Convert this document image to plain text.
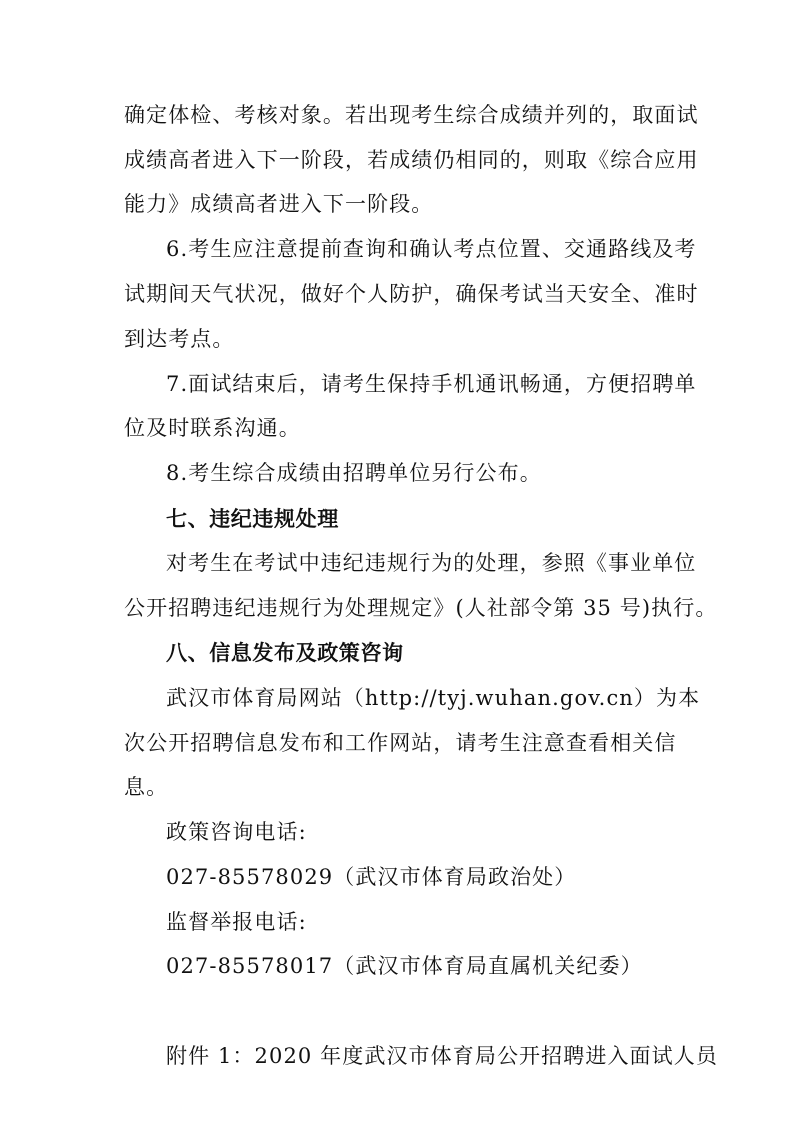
确定体检、考核对象。若出现考生综合成绩并列的，取面试

成绩高者进入下一阶段，若成绩仍相同的，则取《综合应用

能力》成绩高者进入下一阶段。

6.考生应注意提前查询和确认考点位置、交通路线及考

试期间天气状况，做好个人防护，确保考试当天安全、准时

到达考点。

7.面试结束后，请考生保持手机通讯畅通，方便招聘单

位及时联系沟通。

8.考生综合成绩由招聘单位另行公布。

七、违纪违规处理

对考生在考试中违纪违规行为的处理，参照《事业单位

公开招聘违纪违规行为处理规定》(人社部令第 35 号)执行。

八、信息发布及政策咨询

武汉市体育局网站（http://tyj.wuhan.gov.cn）为本

次公开招聘信息发布和工作网站，请考生注意查看相关信

息。

政策咨询电话:

027-85578029（武汉市体育局政治处）

监督举报电话:

027-85578017（武汉市体育局直属机关纪委）

附件 1：2020 年度武汉市体育局公开招聘进入面试人员
